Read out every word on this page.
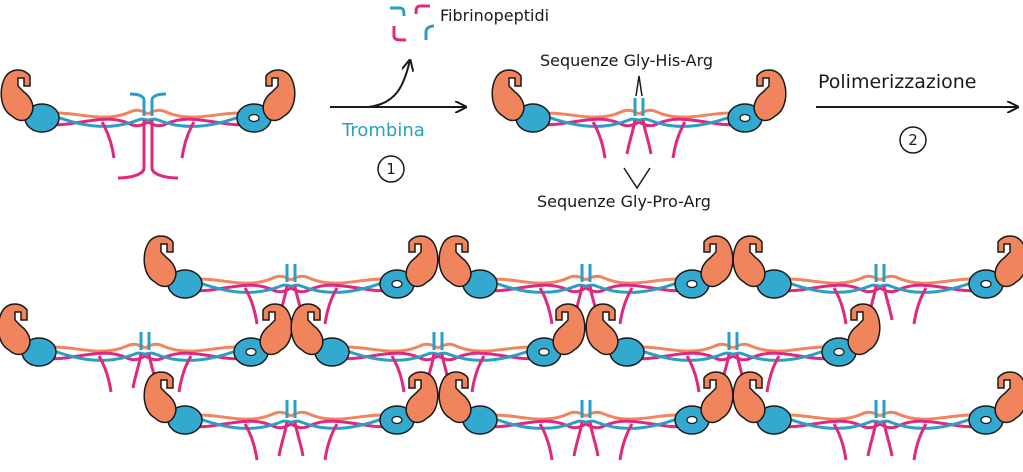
Fibrinopeptidi
Trombina
1
Sequenze Gly-His-Arg
Sequenze Gly-Pro-Arg
Polimerizzazione
2
